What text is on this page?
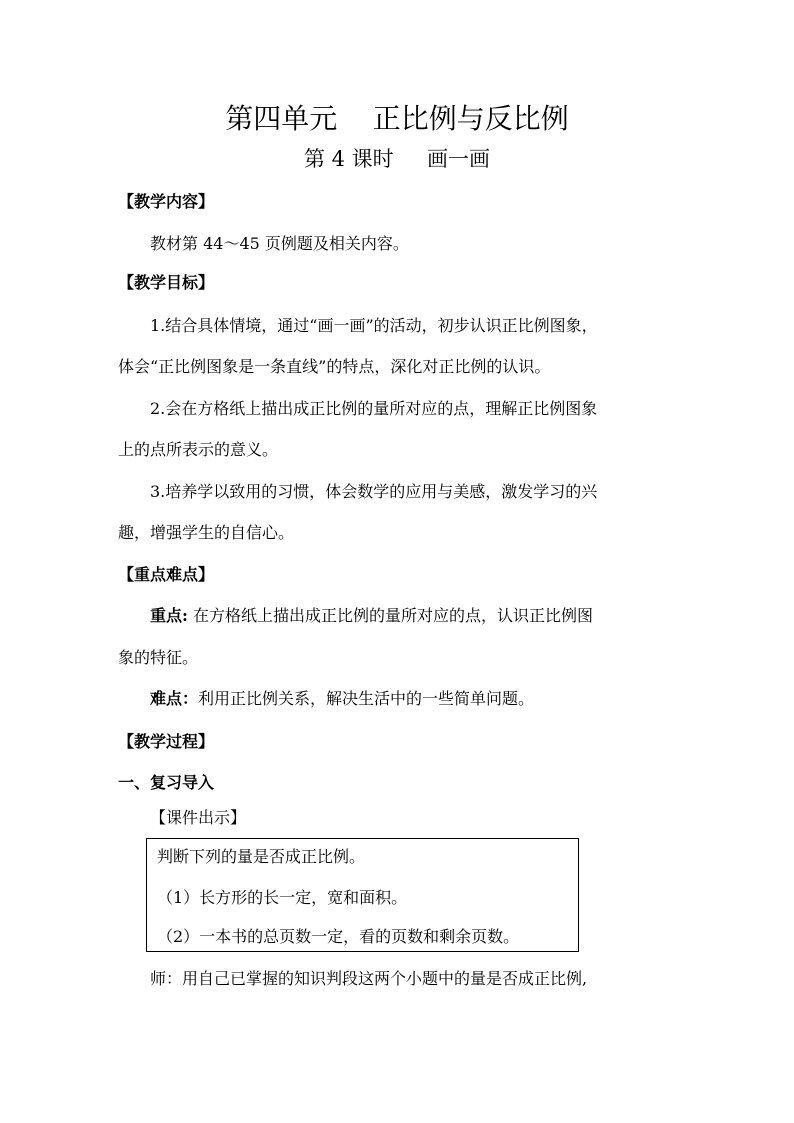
第四单元    正比例与反比例
第 4 课时     画一画
【教学内容】
教材第 44～45 页例题及相关内容。
【教学目标】
1.结合具体情境，通过“画一画”的活动，初步认识正比例图象，
体会“正比例图象是一条直线”的特点，深化对正比例的认识。
2.会在方格纸上描出成正比例的量所对应的点，理解正比例图象
上的点所表示的意义。
3.培养学以致用的习惯，体会数学的应用与美感，激发学习的兴
趣，增强学生的自信心。
【重点难点】
重点: 在方格纸上描出成正比例的量所对应的点，认识正比例图
象的特征。
难点：利用正比例关系，解决生活中的一些简单问题。
【教学过程】
一、复习导入
【课件出示】
判断下列的量是否成正比例。
（1）长方形的长一定，宽和面积。
（2）一本书的总页数一定，看的页数和剩余页数。
师：用自己已掌握的知识判段这两个小题中的量是否成正比例,
